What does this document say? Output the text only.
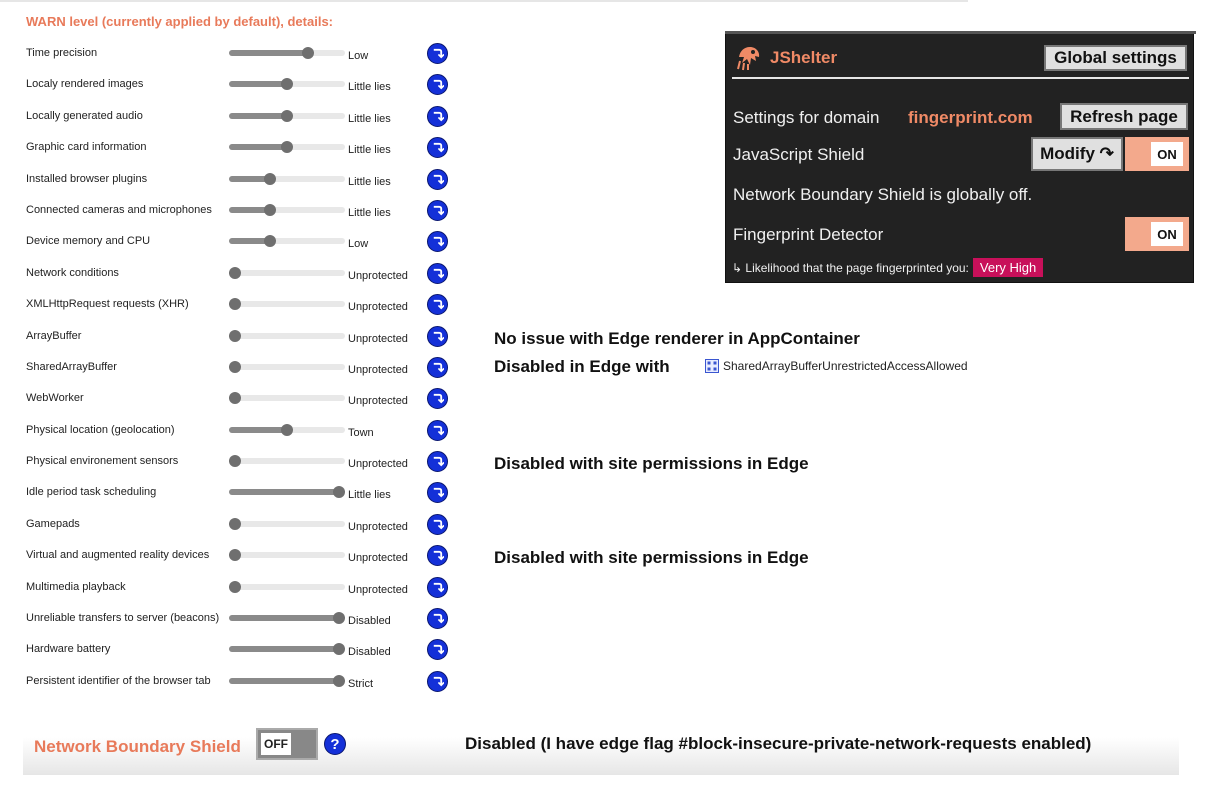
WARN level (currently applied by default), details:
Time precision	Low
Localy rendered images	Little lies
Locally generated audio	Little lies
Graphic card information	Little lies
Installed browser plugins	Little lies
Connected cameras and microphones	Little lies
Device memory and CPU	Low
Network conditions	Unprotected
XMLHttpRequest requests (XHR)	Unprotected
ArrayBuffer	Unprotected
SharedArrayBuffer	Unprotected
WebWorker	Unprotected
Physical location (geolocation)	Town
Physical environement sensors	Unprotected
Idle period task scheduling	Little lies
Gamepads	Unprotected
Virtual and augmented reality devices	Unprotected
Multimedia playback	Unprotected
Unreliable transfers to server (beacons)	Disabled
Hardware battery	Disabled
Persistent identifier of the browser tab	Strict
No issue with Edge renderer in AppContainer
Disabled in Edge with	SharedArrayBufferUnrestrictedAccessAllowed
Disabled with site permissions in Edge
Disabled with site permissions in Edge
JShelter	Global settings
Settings for domain fingerprint.com	Refresh page
JavaScript Shield	Modify ↷	ON
Network Boundary Shield is globally off.
Fingerprint Detector	ON
↳ Likelihood that the page fingerprinted you: Very High
Network Boundary Shield OFF	?	Disabled (I have edge flag #block-insecure-private-network-requests enabled)
